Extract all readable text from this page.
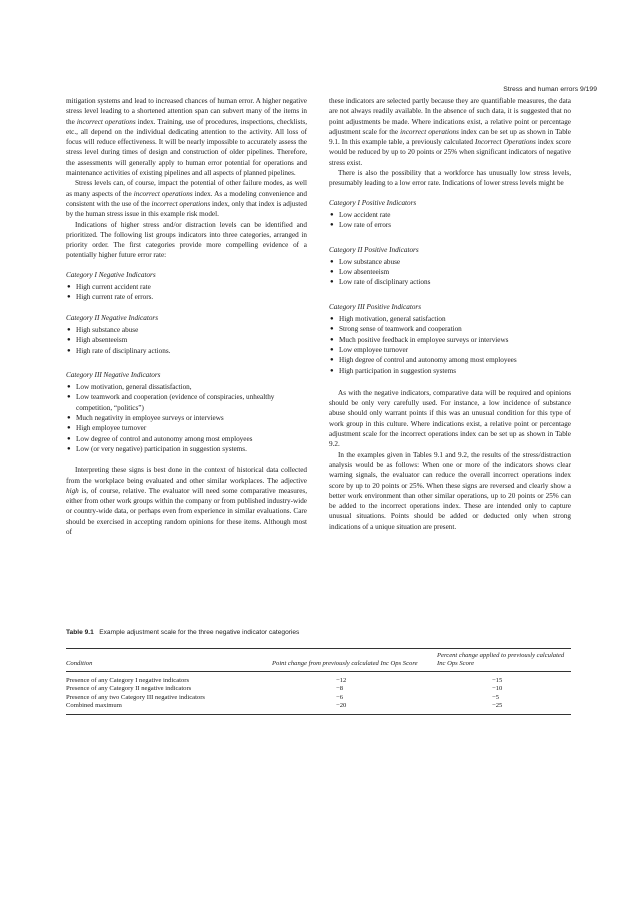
Stress and human errors 9/199

mitigation systems and lead to increased chances of human error. A higher negative stress level leading to a shortened attention span can subvert many of the items in the incorrect operations index. Training, use of procedures, inspections, checklists, etc., all depend on the individual dedicating attention to the activity. All loss of focus will reduce effectiveness. It will be nearly impossible to accurately assess the stress level during times of design and construction of older pipelines. Therefore, the assessments will generally apply to human error potential for operations and maintenance activities of existing pipelines and all aspects of planned pipelines.

Stress levels can, of course, impact the potential of other failure modes, as well as many aspects of the incorrect operations index. As a modeling convenience and consistent with the use of the incorrect operations index, only that index is adjusted by the human stress issue in this example risk model.

Indications of higher stress and/or distraction levels can be identified and prioritized. The following list groups indicators into three categories, arranged in priority order. The first categories provide more compelling evidence of a potentially higher future error rate:

Category I Negative Indicators
● High current accident rate
● High current rate of errors.
Category II Negative Indicators
● High substance abuse
● High absenteeism
● High rate of disciplinary actions.
Category III Negative Indicators
● Low motivation, general dissatisfaction,
● Low teamwork and cooperation (evidence of conspiracies, unhealthy competition, “politics”)
● Much negativity in employee surveys or interviews
● High employee turnover
● Low degree of control and autonomy among most employees
● Low (or very negative) participation in suggestion systems.

Interpreting these signs is best done in the context of historical data collected from the workplace being evaluated and other similar workplaces. The adjective high is, of course, relative. The evaluator will need some comparative measures, either from other work groups within the company or from published industry-wide or country-wide data, or perhaps even from experience in similar evaluations. Care should be exercised in accepting random opinions for these items. Although most of

these indicators are selected partly because they are quantifiable measures, the data are not always readily available. In the absence of such data, it is suggested that no point adjustments be made. Where indications exist, a relative point or percentage adjustment scale for the incorrect operations index can be set up as shown in Table 9.1. In this example table, a previously calculated Incorrect Operations index score would be reduced by up to 20 points or 25% when significant indicators of negative stress exist.

There is also the possibility that a workforce has unusually low stress levels, presumably leading to a low error rate. Indications of lower stress levels might be

Category I Positive Indicators
● Low accident rate
● Low rate of errors
Category II Positive Indicators
● Low substance abuse
● Low absenteeism
● Low rate of disciplinary actions
Category III Positive Indicators
● High motivation, general satisfaction
● Strong sense of teamwork and cooperation
● Much positive feedback in employee surveys or interviews
● Low employee turnover
● High degree of control and autonomy among most employees
● High participation in suggestion systems

As with the negative indicators, comparative data will be required and opinions should be only very carefully used. For instance, a low incidence of substance abuse should only warrant points if this was an unusual condition for this type of work group in this culture. Where indications exist, a relative point or percentage adjustment scale for the incorrect operations index can be set up as shown in Table 9.2.

In the examples given in Tables 9.1 and 9.2, the results of the stress/distraction analysis would be as follows: When one or more of the indicators shows clear warning signals, the evaluator can reduce the overall incorrect operations index score by up to 20 points or 25%. When these signs are reversed and clearly show a better work environment than other similar operations, up to 20 points or 25% can be added to the incorrect operations index. These are intended only to capture unusual situations. Points should be added or deducted only when strong indications of a unique situation are present.

Table 9.1 Example adjustment scale for the three negative indicator categories
Condition	Point change from previously calculated Inc Ops Score	Percent change applied to previously calculated Inc Ops Score
Presence of any Category I negative indicators	−12	−15
Presence of any Category II negative indicators	−8	−10
Presence of any two Category III negative indicators	−6	−5
Combined maximum	−20	−25
